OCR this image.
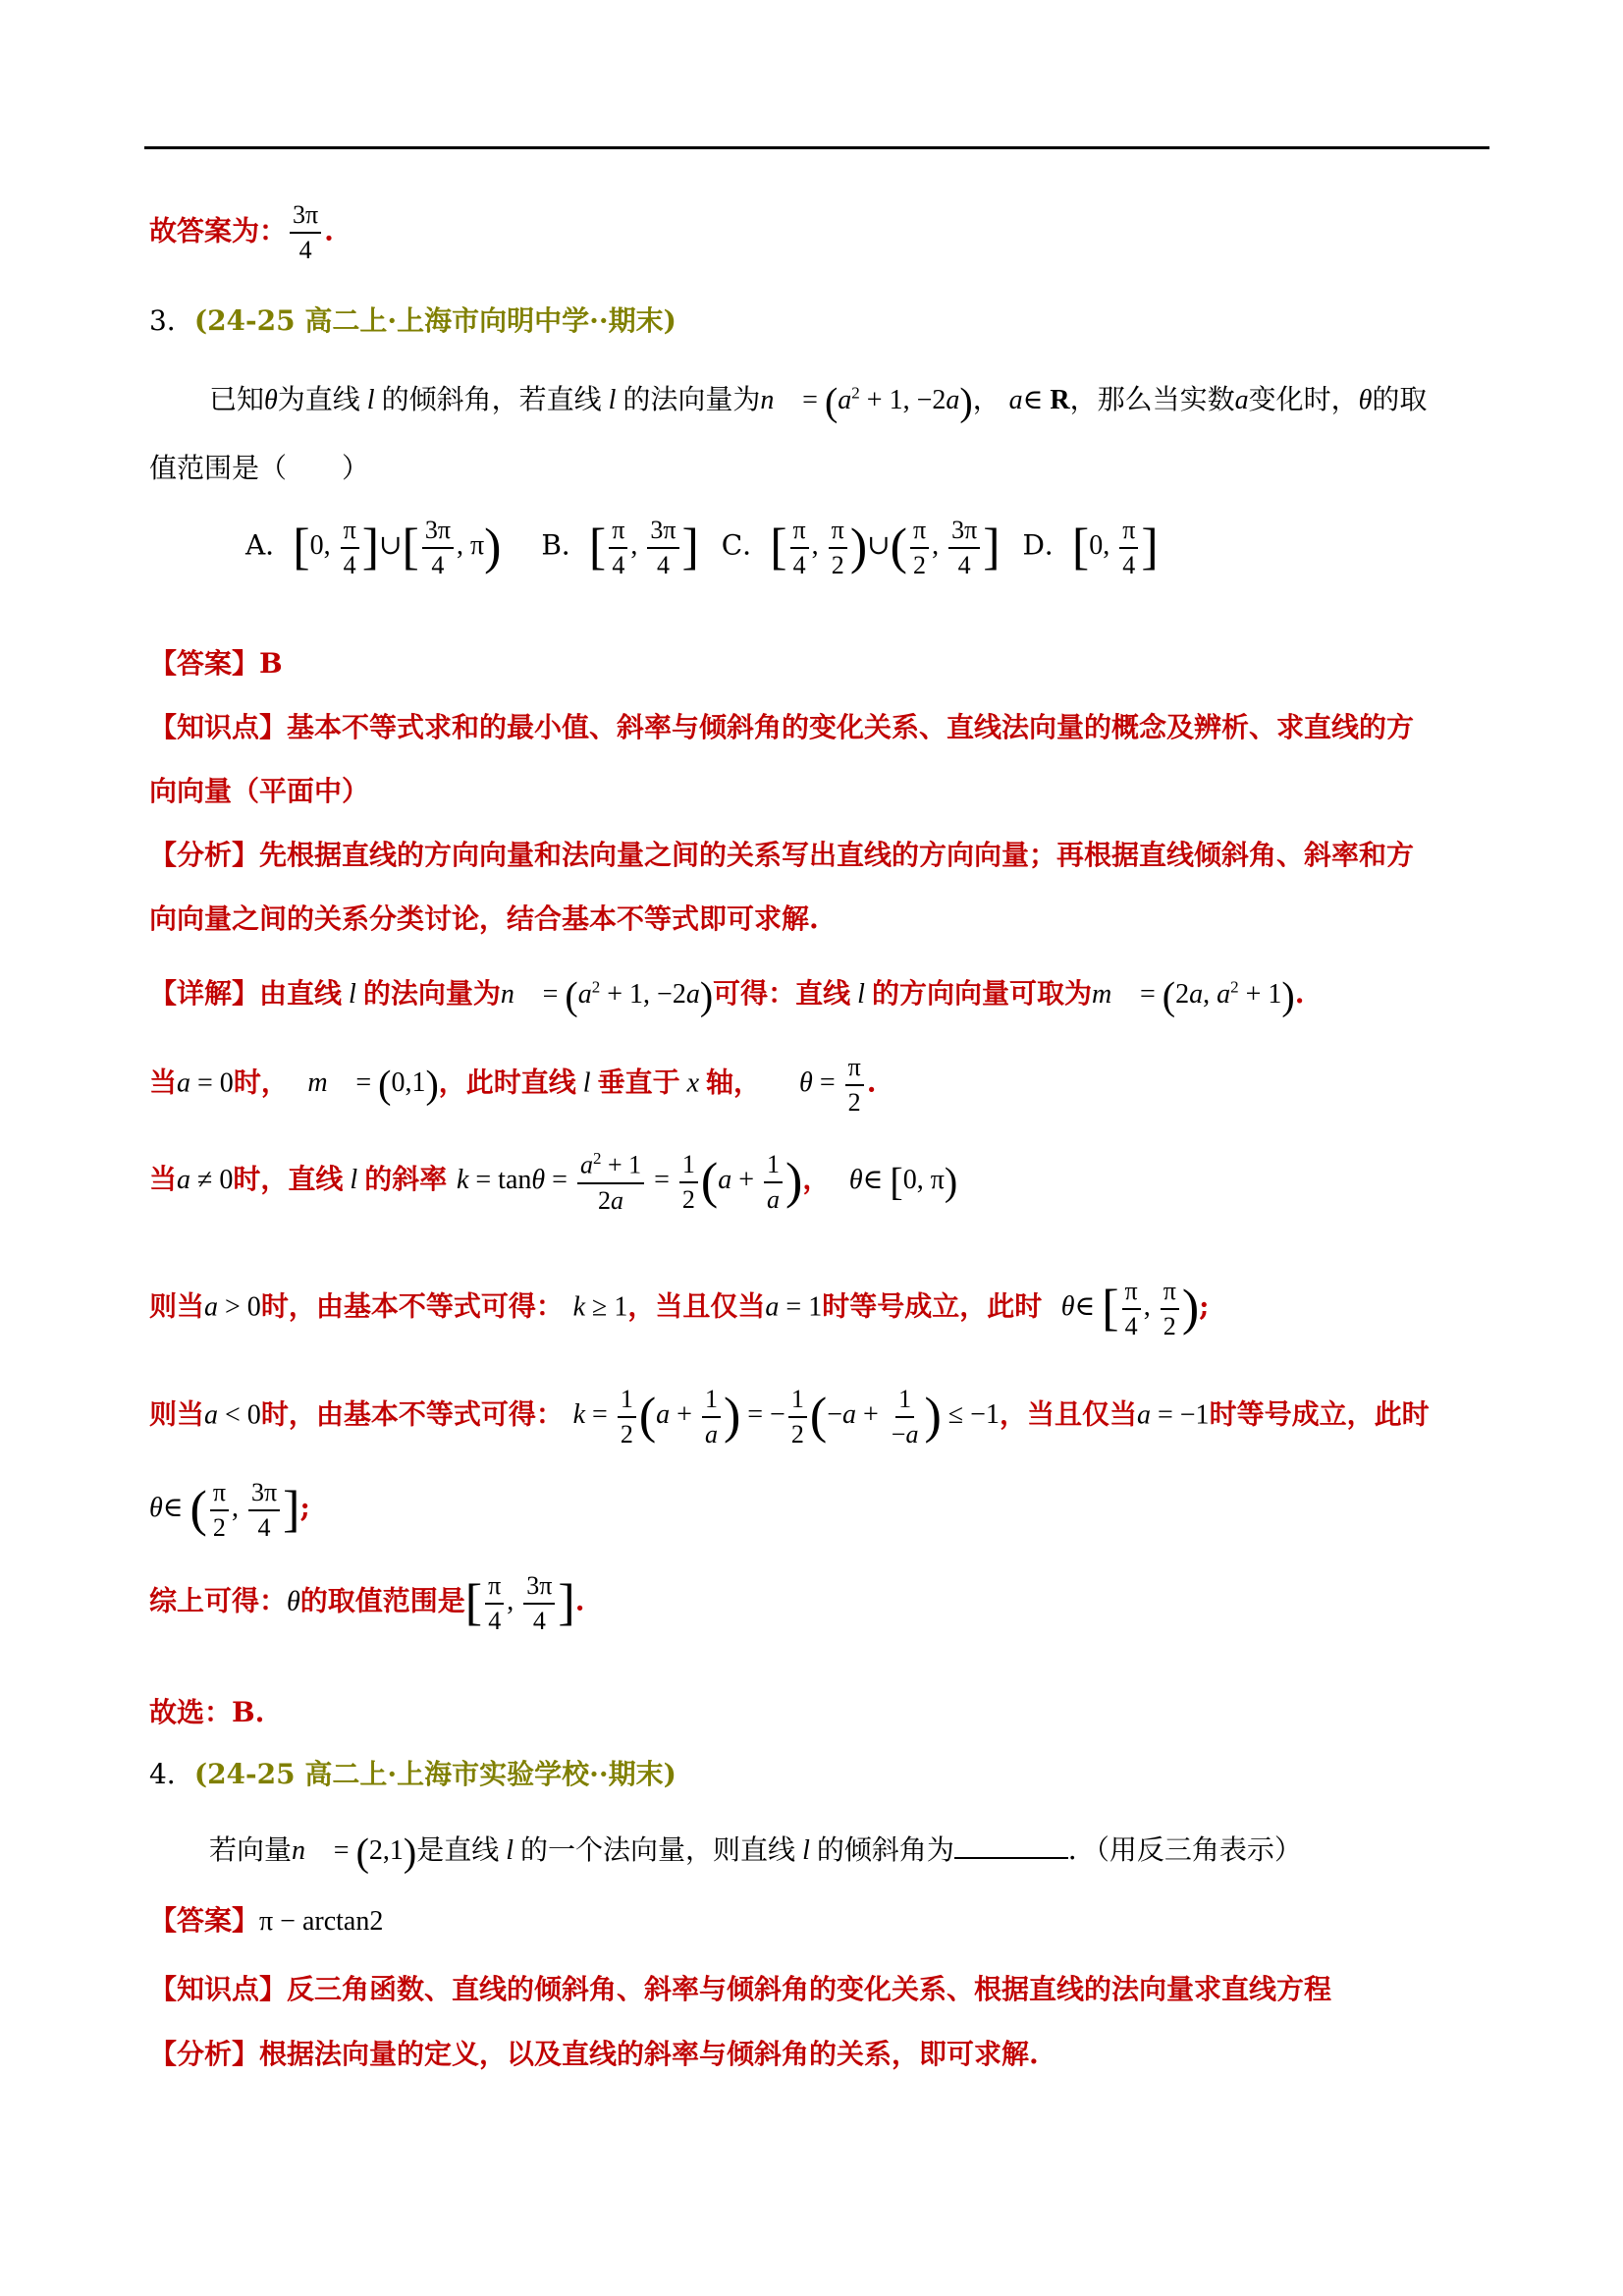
故答案为： $\frac{3\pi}{4}$ .
3．(24-25 高二上·上海市向明中学··期末)
已知θ为直线 l 的倾斜角，若直线 l 的法向量为n⃗ = ($a^2 + 1$, −2a)， a∈ R，那么当实数a变化时，θ的取
值范围是（　　）
A．[0, $\frac{\pi}{4}$ ]∪[ $\frac{3\pi}{4}$ , π) B．[ $\frac{\pi}{4}$ , $\frac{3\pi}{4}$ ] C．[ $\frac{\pi}{4}$ , $\frac{\pi}{2}$ )∪( $\frac{\pi}{2}$ , $\frac{3\pi}{4}$ ] D．[0, $\frac{\pi}{4}$ ]
【答案】B
【知识点】基本不等式求和的最小值、斜率与倾斜角的变化关系、直线法向量的概念及辨析、求直线的方
向向量（平面中）
【分析】先根据直线的方向向量和法向量之间的关系写出直线的方向向量；再根据直线倾斜角、斜率和方
向向量之间的关系分类讨论，结合基本不等式即可求解.
【详解】由直线 l 的法向量为n⃗ = ($a^2 + 1$, −2a)可得：直线 l 的方向向量可取为m⃗ = (2a, $a^2 + 1$).
当a = 0时， m⃗ = (0,1)，此时直线 l 垂直于 x 轴， $\theta = \frac{\pi}{2}$ .
当a ≠ 0时，直线 l 的斜率 $k = \tan\theta = \frac{a^2 + 1}{2a} = \frac{1}{2} (a + \frac{1}{a}$ )，  θ∈ [0, π)
则当a > 0时，由基本不等式可得： k ≥ 1，当且仅当a = 1时等号成立，此时 θ∈ [ $\frac{\pi}{4}$ , $\frac{\pi}{2}$ );
则当a < 0时，由基本不等式可得： $k = \frac{1}{2} (a + \frac{1}{a}$ ) = − $\frac{1}{2} (-a + \frac{1}{-a}$ ) ≤ −1，当且仅当a = −1时等号成立，此时
θ∈ ( $\frac{\pi}{2}$ , $\frac{3\pi}{4}$ ];
综上可得：θ的取值范围是[ $\frac{\pi}{4}$ , $\frac{3\pi}{4}$ ].
故选：B.
4．(24-25 高二上·上海市实验学校··期末)
若向量n⃗ = (2,1)是直线 l 的一个法向量，则直线 l 的倾斜角为	．（用反三角表示）
【答案】π − arctan2
【知识点】反三角函数、直线的倾斜角、斜率与倾斜角的变化关系、根据直线的法向量求直线方程
【分析】根据法向量的定义，以及直线的斜率与倾斜角的关系，即可求解.
